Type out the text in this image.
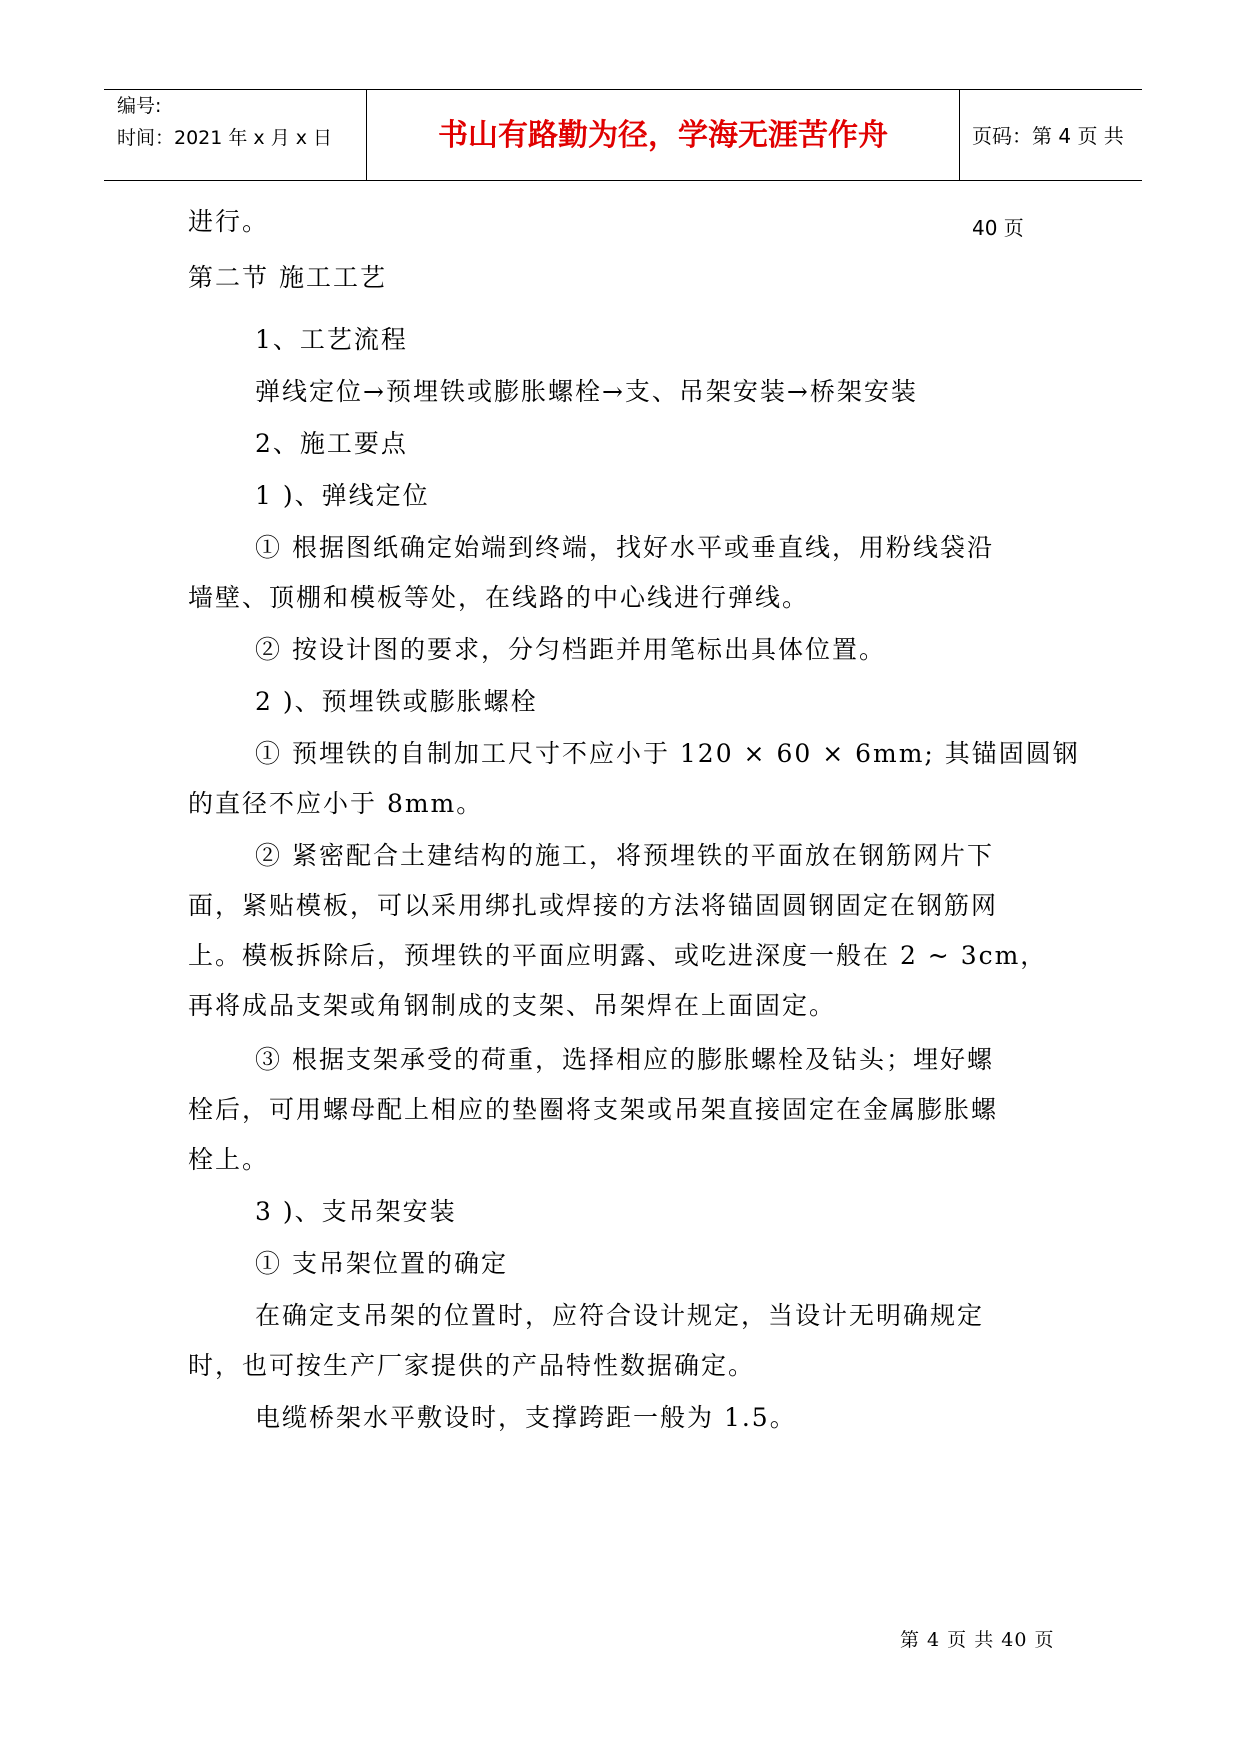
编号:
时间：2021 年 x 月 x 日	书山有路勤为径，学海无涯苦作舟	页码：第 4 页 共 40 页
进行。
第二节 施工工艺
1、工艺流程
弹线定位→预埋铁或膨胀螺栓→支、吊架安装→桥架安装
2、施工要点
1 )、弹线定位
① 根据图纸确定始端到终端，找好水平或垂直线，用粉线袋沿
墙壁、顶棚和模板等处，在线路的中心线进行弹线。
② 按设计图的要求，分匀档距并用笔标出具体位置。
2 )、预埋铁或膨胀螺栓
① 预埋铁的自制加工尺寸不应小于 120 × 60 × 6mm; 其锚固圆钢
的直径不应小于 8mm。
② 紧密配合土建结构的施工，将预埋铁的平面放在钢筋网片下
面，紧贴模板，可以采用绑扎或焊接的方法将锚固圆钢固定在钢筋网
上。模板拆除后，预埋铁的平面应明露、或吃进深度一般在 2 ~ 3cm，
再将成品支架或角钢制成的支架、吊架焊在上面固定。
③ 根据支架承受的荷重，选择相应的膨胀螺栓及钻头；埋好螺
栓后，可用螺母配上相应的垫圈将支架或吊架直接固定在金属膨胀螺
栓上。
3 )、支吊架安装
① 支吊架位置的确定
在确定支吊架的位置时，应符合设计规定，当设计无明确规定
时，也可按生产厂家提供的产品特性数据确定。
电缆桥架水平敷设时，支撑跨距一般为 1.5。
第 4 页 共 40 页
